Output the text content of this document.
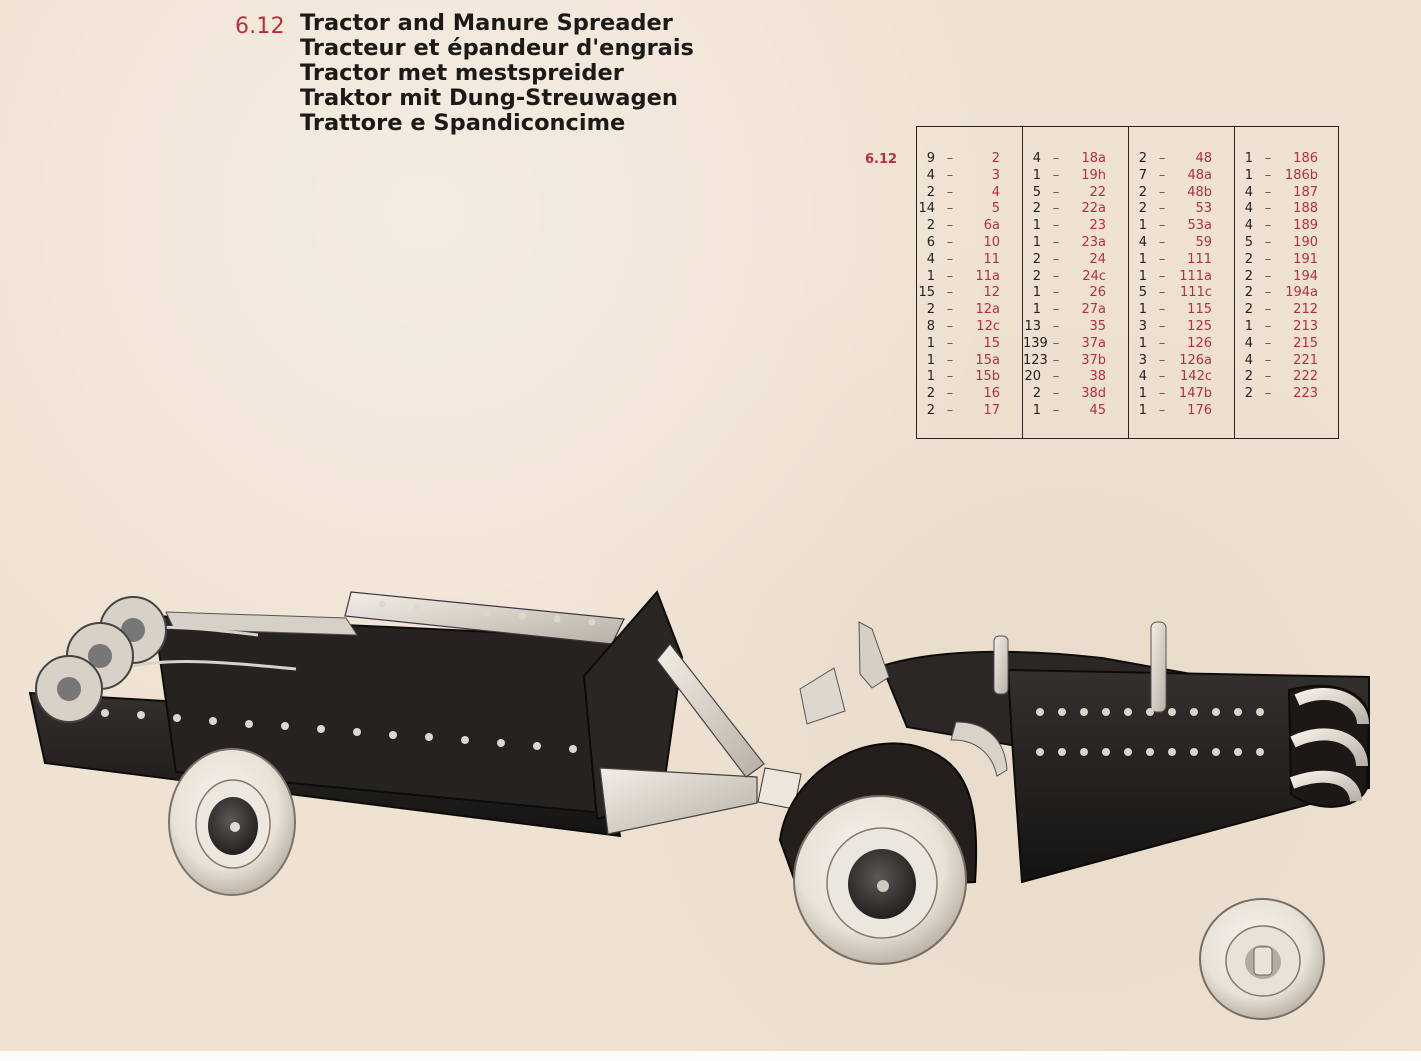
6.12 Tractor and Manure Spreader
Tracteur et épandeur d'engrais
Tractor met mestspreider
Traktor mit Dung-Streuwagen
Trattore e Spandiconcime
6.12	9 –	2
4 –	3
2 –	4
14 –	5
2 –	6a
6 –	10
4 –	11
1 –	11a
15 –	12
2 –	12a
8 –	12c
1 –	15
1 –	15a
1 –	15b
2 –	16
2 –	17
4 –	18a
1 –	19h
5 –	22
2 –	22a
1 –	23
1 –	23a
2 –	24
2 –	24c
1 –	26
1 –	27a
13 –	35
139 –	37a
123 –	37b
20 –	38
2 –	38d
1 –	45
2 –	48
7 –	48a
2 –	48b
2 –	53
1 –	53a
4 –	59
1 –	111
1 –	111a
5 –	111c
1 –	115
3 –	125
1 –	126
3 –	126a
4 –	142c
1 –	147b
1 –	176
1 –	186
1 –	186b
4 –	187
4 –	188
4 –	189
5 –	190
2 –	191
2 –	194
2 –	194a
2 –	212
1 –	213
4 –	215
4 –	221
2 –	222
2 –	223
